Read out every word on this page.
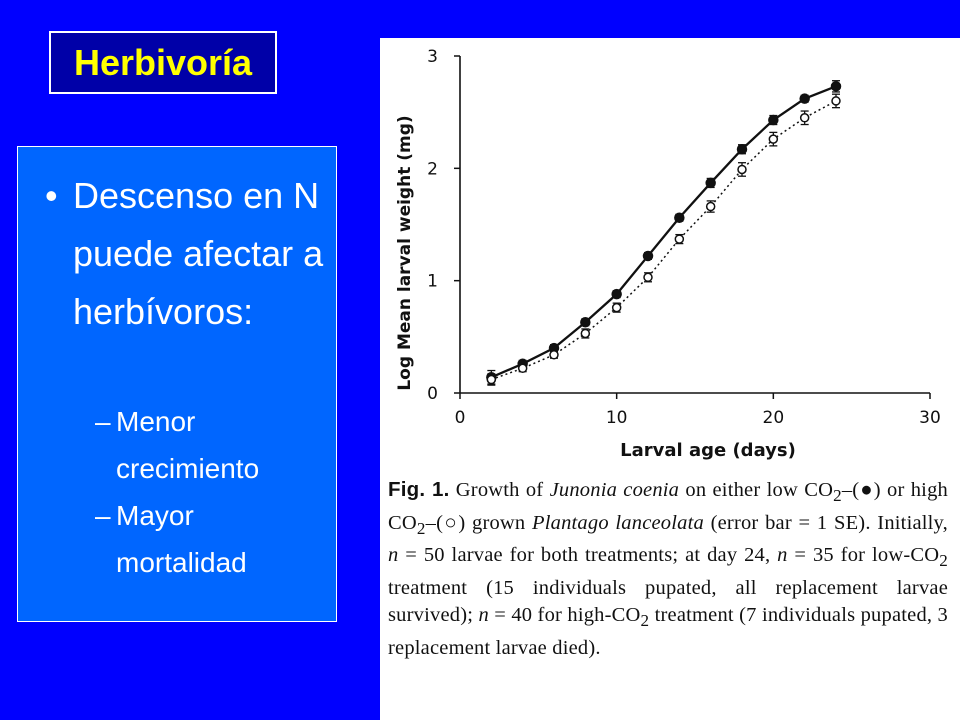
Herbivoría
• Descenso en N puede afectar a herbívoros:
– Menor crecimiento
– Mayor mortalidad
Log Mean larval weight (mg)
Larval age (days)
0	10	20	30
0
1
2
3
Fig. 1. Growth of Junonia coenia on either low $CO_2-(●)$ or high $CO_2-(○)$ grown Plantago lanceolata (error bar = 1 SE). Initially, n = 50 larvae for both treatments; at day 24, n = 35 for low-$CO_2$ treatment (15 individuals pupated, all replacement larvae survived); n = 40 for high-$CO_2$ treatment (7 individuals pupated, 3 replacement larvae died).
